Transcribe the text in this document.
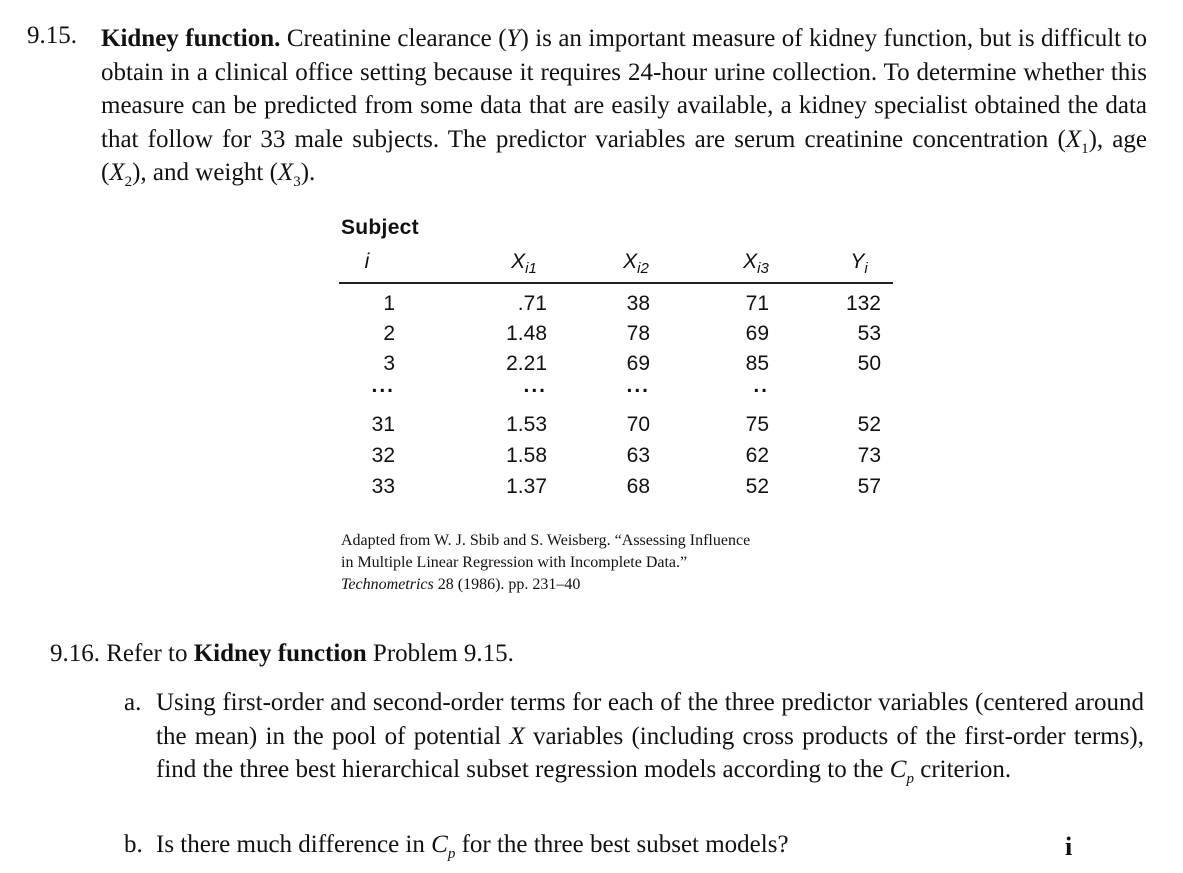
9.15. Kidney function. Creatinine clearance (Y) is an important measure of kidney function, but is difficult to obtain in a clinical office setting because it requires 24-hour urine collection. To determine whether this measure can be predicted from some data that are easily available, a kidney specialist obtained the data that follow for 33 male subjects. The predictor variables are serum creatinine concentration $(X_1)$, age $(X_2)$, and weight $(X_3)$.
Subject
i	$X_{i1}$	$X_{i2}$	$X_{i3}$	$Y_i$
1	.71	38	71	132
2	1.48	78	69	53
3	2.21	69	85	50
...	...	...	..
31	1.53	70	75	52
32	1.58	63	62	73
33	1.37	68	52	57
Adapted from W. J. Sbib and S. Weisberg. “Assessing Influence
in Multiple Linear Regression with Incomplete Data.”
Technometrics 28 (1986). pp. 231–40
9.16. Refer to Kidney function Problem 9.15.
a. Using first-order and second-order terms for each of the three predictor variables (centered around the mean) in the pool of potential X variables (including cross products of the first-order terms), find the three best hierarchical subset regression models according to the $C_p$ criterion.
b. Is there much difference in $C_p$ for the three best subset models?	i
